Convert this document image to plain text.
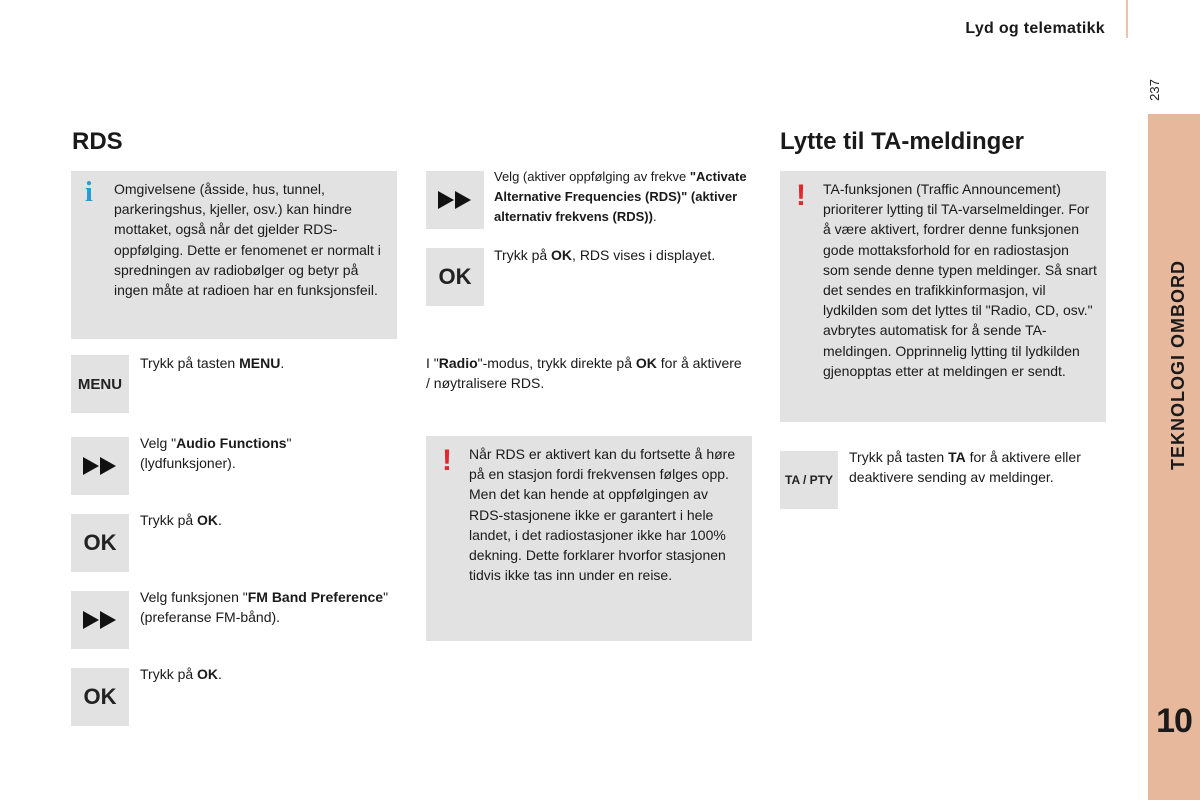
Lyd og telematikk
237
TEKNOLOGI OMBORD
10
RDS
i Omgivelsene (åsside, hus, tunnel, parkeringshus, kjeller, osv.) kan hindre mottaket, også når det gjelder RDS-oppfølging. Dette er fenomenet er normalt i spredningen av radiobølger og betyr på ingen måte at radioen har en funksjonsfeil.
MENU
Trykk på tasten MENU.
Velg "Audio Functions" (lydfunksjoner).
OK
Trykk på OK.
Velg funksjonen "FM Band Preference" (preferanse FM-bånd).
OK
Trykk på OK.
Velg (aktiver oppfølging av frekve "Activate Alternative Frequencies (RDS)" (aktiver alternativ frekvens (RDS)).
OK
Trykk på OK, RDS vises i displayet.
I "Radio"-modus, trykk direkte på OK for å aktivere / nøytralisere RDS.
! Når RDS er aktivert kan du fortsette å høre på en stasjon fordi frekvensen følges opp. Men det kan hende at oppfølgingen av RDS-stasjonene ikke er garantert i hele landet, i det radiostasjoner ikke har 100% dekning. Dette forklarer hvorfor stasjonen tidvis ikke tas inn under en reise.
Lytte til TA-meldinger
! TA-funksjonen (Traffic Announcement) prioriterer lytting til TA-varselmeldinger. For å være aktivert, fordrer denne funksjonen gode mottaksforhold for en radiostasjon som sende denne typen meldinger. Så snart det sendes en trafikkinformasjon, vil lydkilden som det lyttes til "Radio, CD, osv." avbrytes automatisk for å sende TA-meldingen. Opprinnelig lytting til lydkilden gjenopptas etter at meldingen er sendt.
TA / PTY
Trykk på tasten TA for å aktivere eller deaktivere sending av meldinger.
